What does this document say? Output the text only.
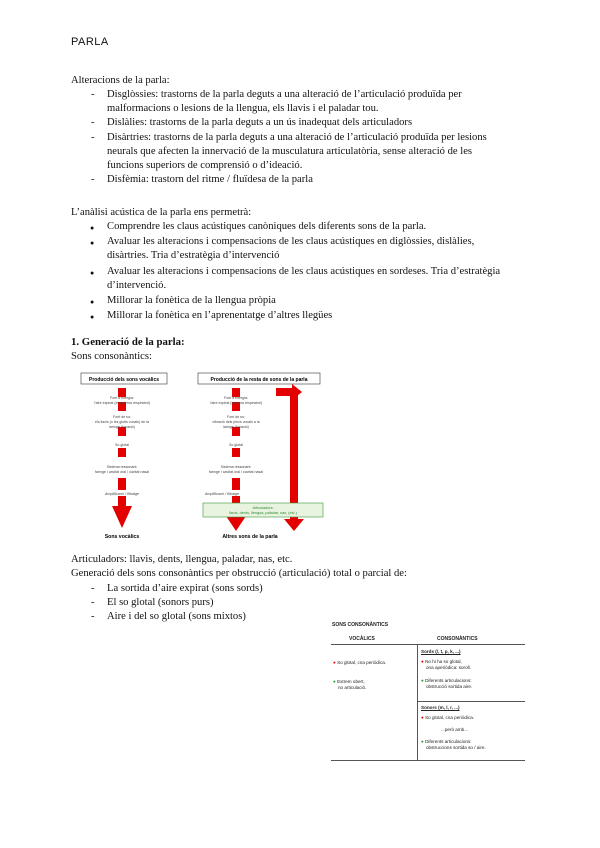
PARLA
Alteracions de la parla:
- Disglòssies: trastorns de la parla deguts a una alteració de l’articulació produïda per
malformacions o lesions de la llengua, els llavis i el paladar tou.
- Dislàlies: trastorns de la parla deguts a un ús inadequat dels articuladors
- Disàrtries: trastorns de la parla deguts a una alteració de l’articulació produïda per lesions
neurals que afecten la innervació de la musculatura articulatòria, sense alteració de les
funcions superiors de comprensió o d’ideació.
- Disfèmia: trastorn del ritme / fluïdesa de la parla
L’anàlisi acústica de la parla ens permetrà:
● Comprendre les claus acústiques canòniques dels diferents sons de la parla.
● Avaluar les alteracions i compensacions de les claus acústiques en diglòssies, dislàlies,
disàrtries. Tria d’estratègia d’intervenció
● Avaluar les alteracions i compensacions de les claus acústiques en sordeses. Tria d’estratègia
d’intervenció.
● Millorar la fonètica de la llengua pròpia
● Millorar la fonètica en l’aprenentatge d’altres llegües
1. Generació de la parla:
Sons consonàntics:
Producció dels sons vocàlics	Producció de la resta de sons de la parla
Font d’energia:
l’aire expirat (el sistema respiratori)
Font de so:
els llavis (o les glotis vocals) de la
laringe (fonació)
So glotal
Sistema ressonant:
faringe i cavitat oral / cavitat nasal
Amplificació / filtratge
Sons vocàlics
Font d’energia:
l’aire expirat (sistema respiratori)
Font de so:
vibració dels plecs vocals a la
laringe (fonació)
So glotal
Sistema ressonant:
faringe i cavitat oral / cavitat nasal
Amplificació / filtratge
Articuladors:
llavis, dents, llengua, paladar, nas, (etc.)
Altres sons de la parla
Articuladors: llavis, dents, llengua, paladar, nas, etc.
Generació dels sons consonàntics per obstrucció (articulació) total o parcial de:
- La sortida d’aire expirat (sons sords)
- El so glotal (sonors purs)
- Aire i del so glotal (sons mixtos)
SONS CONSONÀNTICS
VOCÀLICS	CONSONÀNTICS
● So glotal, cna periòdica.
● Extrem obert,
no articulació.
Sords (/, t, p, k, ...)
● No hi ha so glotal,
ona aperiòdica: soroll.
● Diferents articulacions:
obstrucció sortida aire.
Sonors (m, l, r, ...)
● So glotal, cna periòdica.
...però amb...
● Diferents articulacions:
obstruccions sortida so / aire.
